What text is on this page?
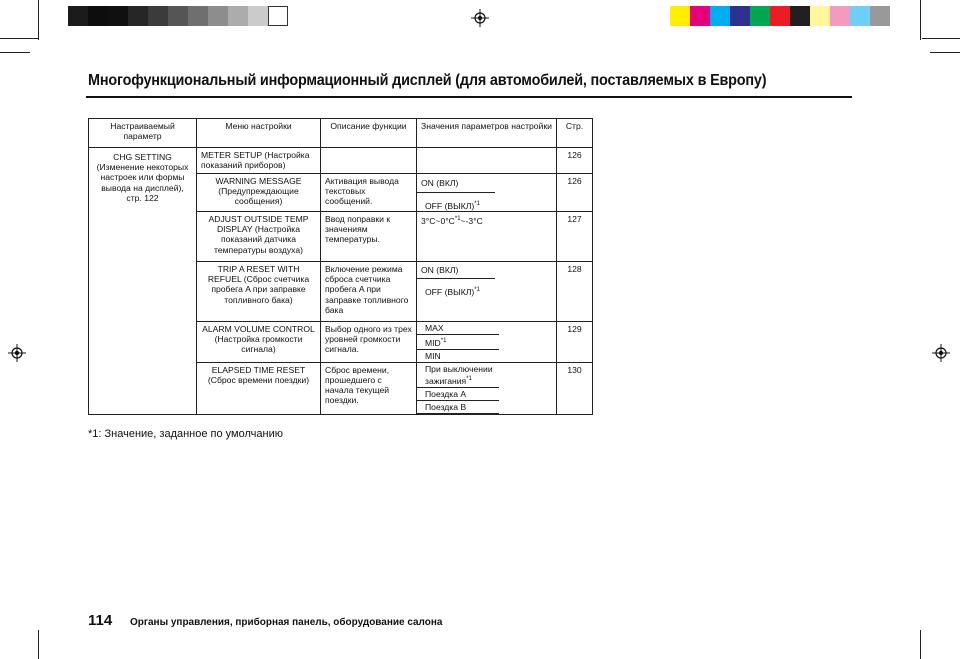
Многофункциональный информационный дисплей (для автомобилей, поставляемых в Европу)
Настраиваемый параметр	Меню настройки	Описание функции	Значения параметров настройки	Стр.
CHG SETTING (Изменение некоторых настроек или формы вывода на дисплей), стр. 122	METER SETUP (Настройка показаний приборов)			126
	WARNING MESSAGE (Предупреждающие сообщения)	Активация вывода текстовых сообщений.	ON (ВКЛ)
OFF (ВЫКЛ)$^{*1}$	126
	ADJUST OUTSIDE TEMP DISPLAY (Настройка показаний датчика температуры воздуха)	Ввод поправки к значениям температуры.	$3^\circ C\sim 0^\circ C^{*1}\sim-3^\circ C$	127
	TRIP A RESET WITH REFUEL (Сброс счетчика пробега A при заправке топливного бака)	Включение режима сброса счетчика пробега A при заправке топливного бака	ON (ВКЛ)
OFF (ВЫКЛ)$^{*1}$	128
	ALARM VOLUME CONTROL (Настройка громкости сигнала)	Выбор одного из трех уровней громкости сигнала.	MAX
MID$^{*1}$
MIN	129
	ELAPSED TIME RESET (Сброс времени поездки)	Сброс времени, прошедшего с начала текущей поездки.	При выключении зажигания$^{*1}$
Поездка A
Поездка B	130
*1: Значение, заданное по умолчанию
114 Органы управления, приборная панель, оборудование салона
